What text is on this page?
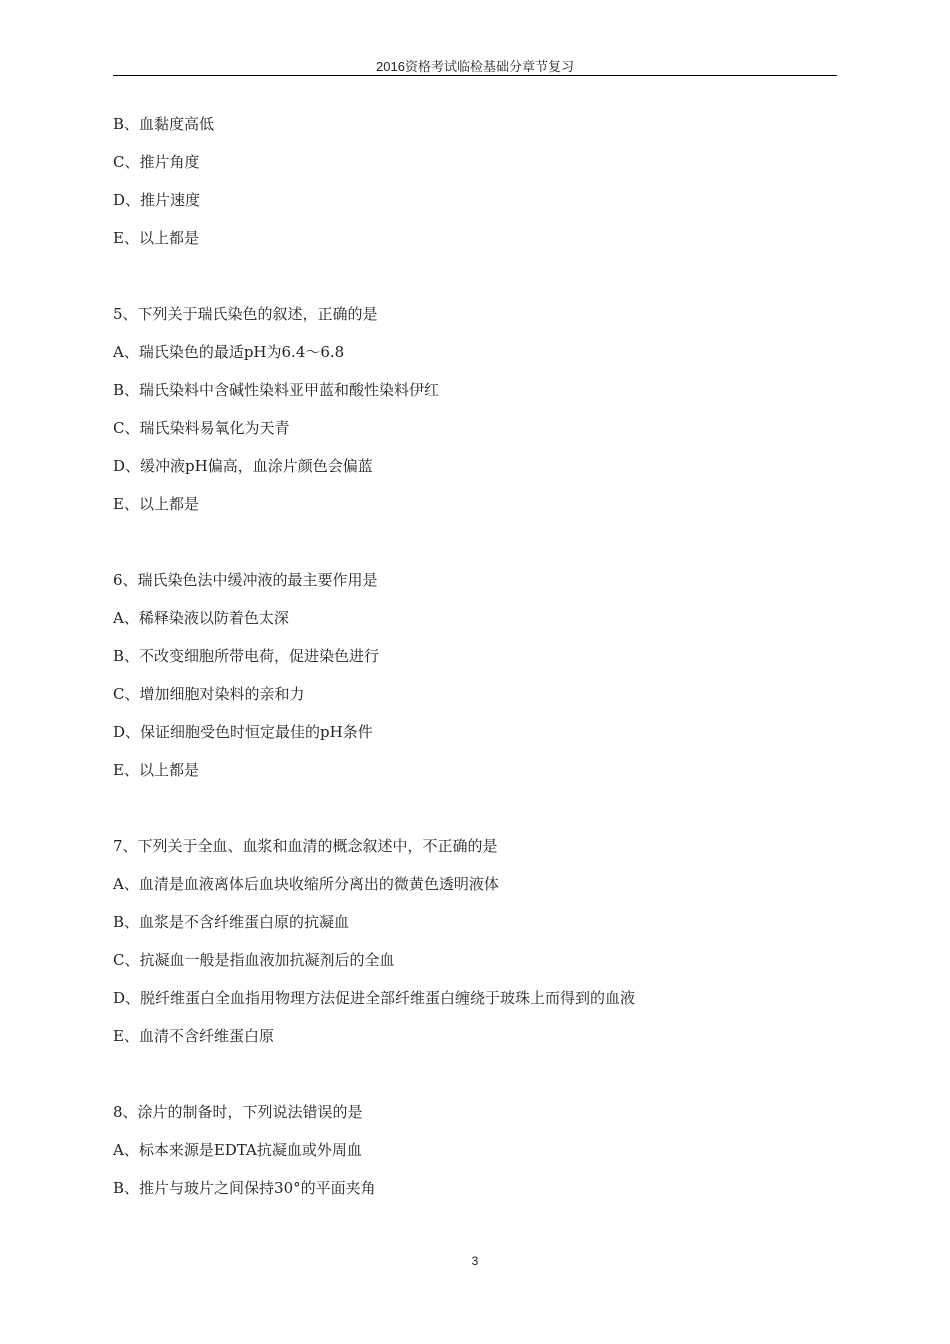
2016资格考试临检基础分章节复习
B、血黏度高低
C、推片角度
D、推片速度
E、以上都是
5、下列关于瑞氏染色的叙述，正确的是
A、瑞氏染色的最适pH为6.4～6.8
B、瑞氏染料中含碱性染料亚甲蓝和酸性染料伊红
C、瑞氏染料易氧化为天青
D、缓冲液pH偏高，血涂片颜色会偏蓝
E、以上都是
6、瑞氏染色法中缓冲液的最主要作用是
A、稀释染液以防着色太深
B、不改变细胞所带电荷，促进染色进行
C、增加细胞对染料的亲和力
D、保证细胞受色时恒定最佳的pH条件
E、以上都是
7、下列关于全血、血浆和血清的概念叙述中，不正确的是
A、血清是血液离体后血块收缩所分离出的微黄色透明液体
B、血浆是不含纤维蛋白原的抗凝血
C、抗凝血一般是指血液加抗凝剂后的全血
D、脱纤维蛋白全血指用物理方法促进全部纤维蛋白缠绕于玻珠上而得到的血液
E、血清不含纤维蛋白原
8、涂片的制备时，下列说法错误的是
A、标本来源是EDTA抗凝血或外周血
B、推片与玻片之间保持30°的平面夹角
3
